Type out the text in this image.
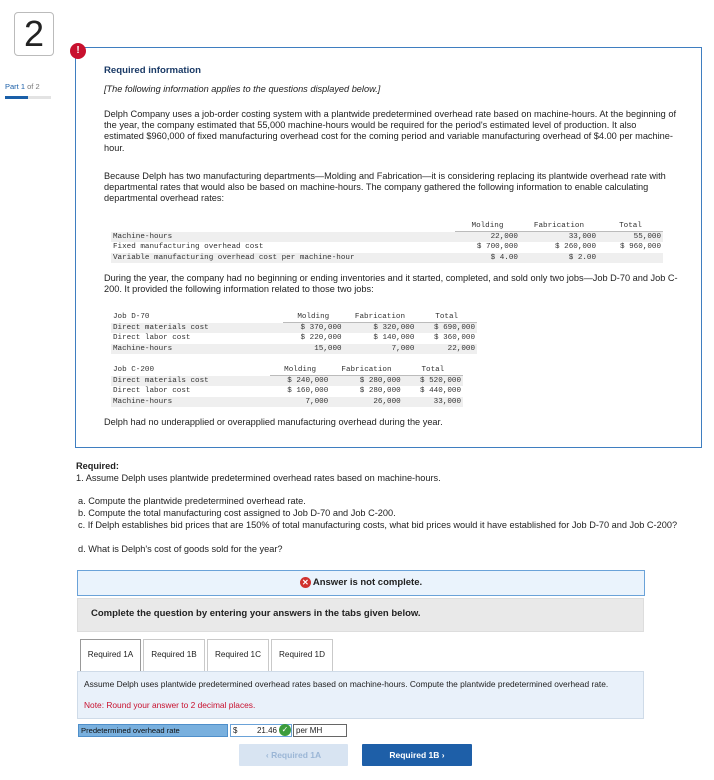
2
Part 1 of 2
!
Required information
[The following information applies to the questions displayed below.]
Delph Company uses a job-order costing system with a plantwide predetermined overhead rate based on machine-hours. At the beginning of the year, the company estimated that 55,000 machine-hours would be required for the period's estimated level of production. It also estimated $960,000 of fixed manufacturing overhead cost for the coming period and variable manufacturing overhead of $4.00 per machine-hour.
Because Delph has two manufacturing departments—Molding and Fabrication—it is considering replacing its plantwide overhead rate with departmental rates that would also be based on machine-hours. The company gathered the following information to enable calculating departmental overhead rates:
	Molding	Fabrication	Total
Machine-hours	22,000	33,000	55,000
Fixed manufacturing overhead cost	$ 700,000	$ 260,000	$ 960,000
Variable manufacturing overhead cost per machine-hour	$ 4.00	$ 2.00	
During the year, the company had no beginning or ending inventories and it started, completed, and sold only two jobs—Job D-70 and Job C-200. It provided the following information related to those two jobs:
Job D-70	Molding	Fabrication	Total
Direct materials cost	$ 370,000	$ 320,000	$ 690,000
Direct labor cost	$ 220,000	$ 140,000	$ 360,000
Machine-hours	15,000	7,000	22,000
Job C-200	Molding	Fabrication	Total
Direct materials cost	$ 240,000	$ 280,000	$ 520,000
Direct labor cost	$ 160,000	$ 280,000	$ 440,000
Machine-hours	7,000	26,000	33,000
Delph had no underapplied or overapplied manufacturing overhead during the year.
Required:
1. Assume Delph uses plantwide predetermined overhead rates based on machine-hours.
a. Compute the plantwide predetermined overhead rate.
b. Compute the total manufacturing cost assigned to Job D-70 and Job C-200.
c. If Delph establishes bid prices that are 150% of total manufacturing costs, what bid prices would it have established for Job D-70 and Job C-200?
d. What is Delph's cost of goods sold for the year?
✕ Answer is not complete.
Complete the question by entering your answers in the tabs given below.
Required 1A	Required 1B	Required 1C	Required 1D
Assume Delph uses plantwide predetermined overhead rates based on machine-hours. Compute the plantwide predetermined overhead rate.
Note: Round your answer to 2 decimal places.
Predetermined overhead rate	$ 21.46 ✓ per MH
‹ Required 1A	Required 1B ›
